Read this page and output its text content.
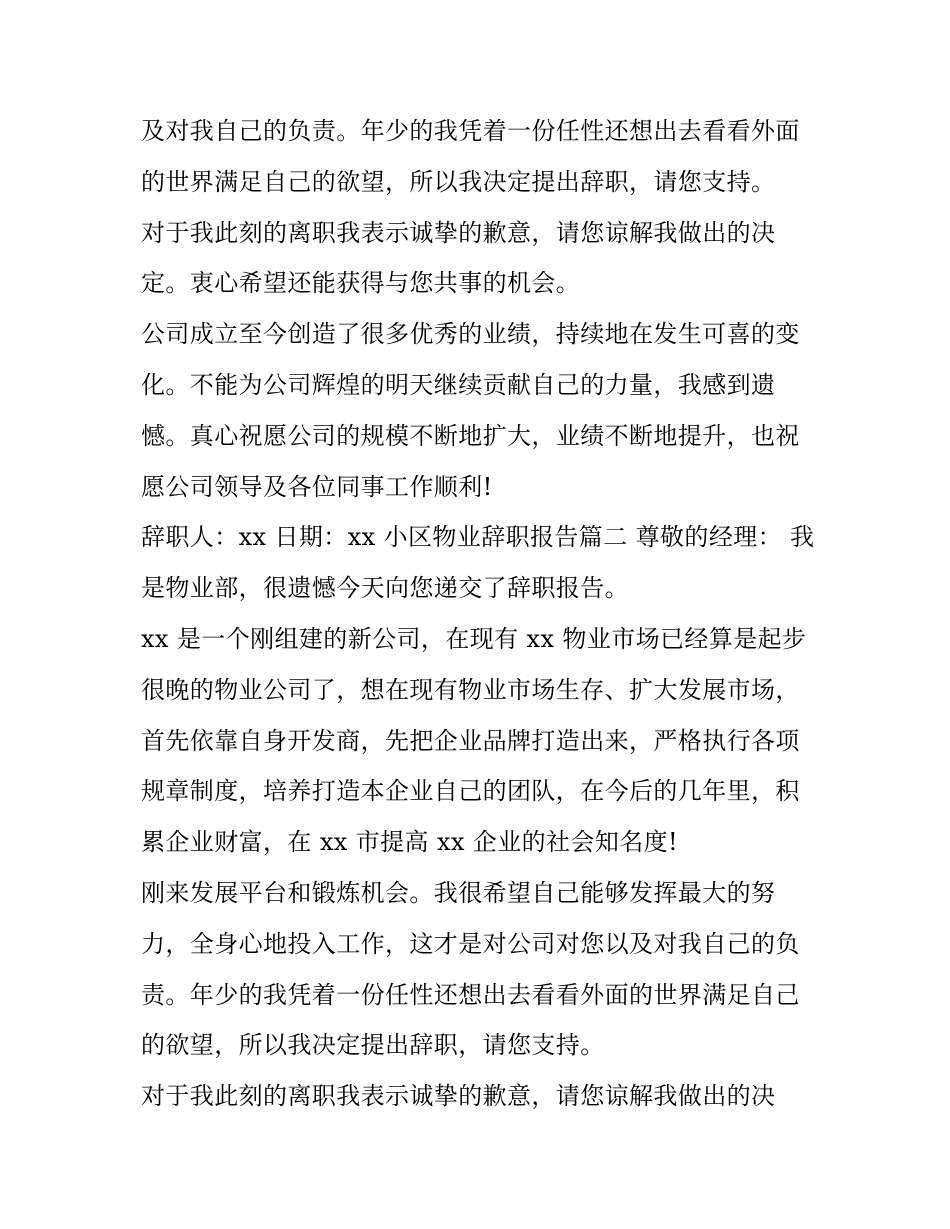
及对我自己的负责。年少的我凭着一份任性还想出去看看外面
的世界满足自己的欲望，所以我决定提出辞职，请您支持。
对于我此刻的离职我表示诚挚的歉意，请您谅解我做出的决
定。衷心希望还能获得与您共事的机会。
公司成立至今创造了很多优秀的业绩，持续地在发生可喜的变
化。不能为公司辉煌的明天继续贡献自己的力量，我感到遗
憾。真心祝愿公司的规模不断地扩大，业绩不断地提升，也祝
愿公司领导及各位同事工作顺利!
辞职人：xx 日期：xx 小区物业辞职报告篇二 尊敬的经理： 我
是物业部，很遗憾今天向您递交了辞职报告。
xx 是一个刚组建的新公司，在现有 xx 物业市场已经算是起步
很晚的物业公司了，想在现有物业市场生存、扩大发展市场，
首先依靠自身开发商，先把企业品牌打造出来，严格执行各项
规章制度，培养打造本企业自己的团队，在今后的几年里，积
累企业财富，在 xx 市提高 xx 企业的社会知名度!
刚来发展平台和锻炼机会。我很希望自己能够发挥最大的努
力，全身心地投入工作，这才是对公司对您以及对我自己的负
责。年少的我凭着一份任性还想出去看看外面的世界满足自己
的欲望，所以我决定提出辞职，请您支持。
对于我此刻的离职我表示诚挚的歉意，请您谅解我做出的决
